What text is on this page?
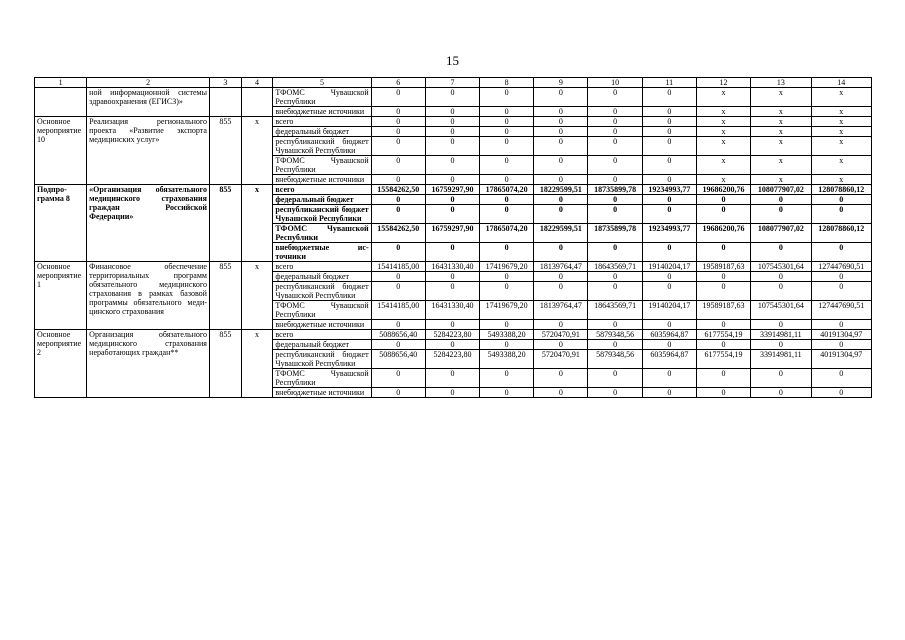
15
1	2	3	4	5	6	7	8	9	10	11	12	13	14
	ной информационной системы здравоохранения (ЕГИСЗ)»			ТФОМС Чувашской Республики	0	0	0	0	0	0	x	x	x
				внебюджетные источники	0	0	0	0	0	0	x	x	x
Основное мероприятие 10	Реализация регионального проекта «Развитие экспорта медицинских услуг»	855	x	всего	0	0	0	0	0	0	x	x	x
				федеральный бюджет	0	0	0	0	0	0	x	x	x
				республиканский бюджет Чувашской Республики	0	0	0	0	0	0	x	x	x
				ТФОМС Чувашской Республики	0	0	0	0	0	0	x	x	x
				внебюджетные источники	0	0	0	0	0	0	x	x	x
Подпрограмма 8	«Организация обязательного медицинского страхования граждан Российской Федерации»	855	x	всего	15584262,50	16759297,90	17865074,20	18229599,51	18735899,78	19234993,77	19686200,76	108077907,02	128078860,12
				федеральный бюджет	0	0	0	0	0	0	0	0	0
				республиканский бюджет Чувашской Республики	0	0	0	0	0	0	0	0	0
				ТФОМС Чувашской Республики	15584262,50	16759297,90	17865074,20	18229599,51	18735899,78	19234993,77	19686200,76	108077907,02	128078860,12
				внебюджетные источники	0	0	0	0	0	0	0	0	0
Основное мероприятие 1	Финансовое обеспечение территориальных программ обязательного медицинского страхования в рамках базовой программы обязательного медицинского страхования	855	x	всего	15414185,00	16431330,40	17419679,20	18139764,47	18643569,71	19140204,17	19589187,63	107545301,64	127447690,51
				федеральный бюджет	0	0	0	0	0	0	0	0	0
				республиканский бюджет Чувашской Республики	0	0	0	0	0	0	0	0	0
				ТФОМС Чувашской Республики	15414185,00	16431330,40	17419679,20	18139764,47	18643569,71	19140204,17	19589187,63	107545301,64	127447690,51
				внебюджетные источники	0	0	0	0	0	0	0	0	0
Основное мероприятие 2	Организация обязательного медицинского страхования неработающих граждан**	855	x	всего	5088656,40	5284223,80	5493388,20	5720470,91	5879348,56	6035964,87	6177554,19	33914981,11	40191304,97
				федеральный бюджет	0	0	0	0	0	0	0	0	0
				республиканский бюджет Чувашской Республики	5088656,40	5284223,80	5493388,20	5720470,91	5879348,56	6035964,87	6177554,19	33914981,11	40191304,97
				ТФОМС Чувашской Республики	0	0	0	0	0	0	0	0	0
				внебюджетные источники	0	0	0	0	0	0	0	0	0
